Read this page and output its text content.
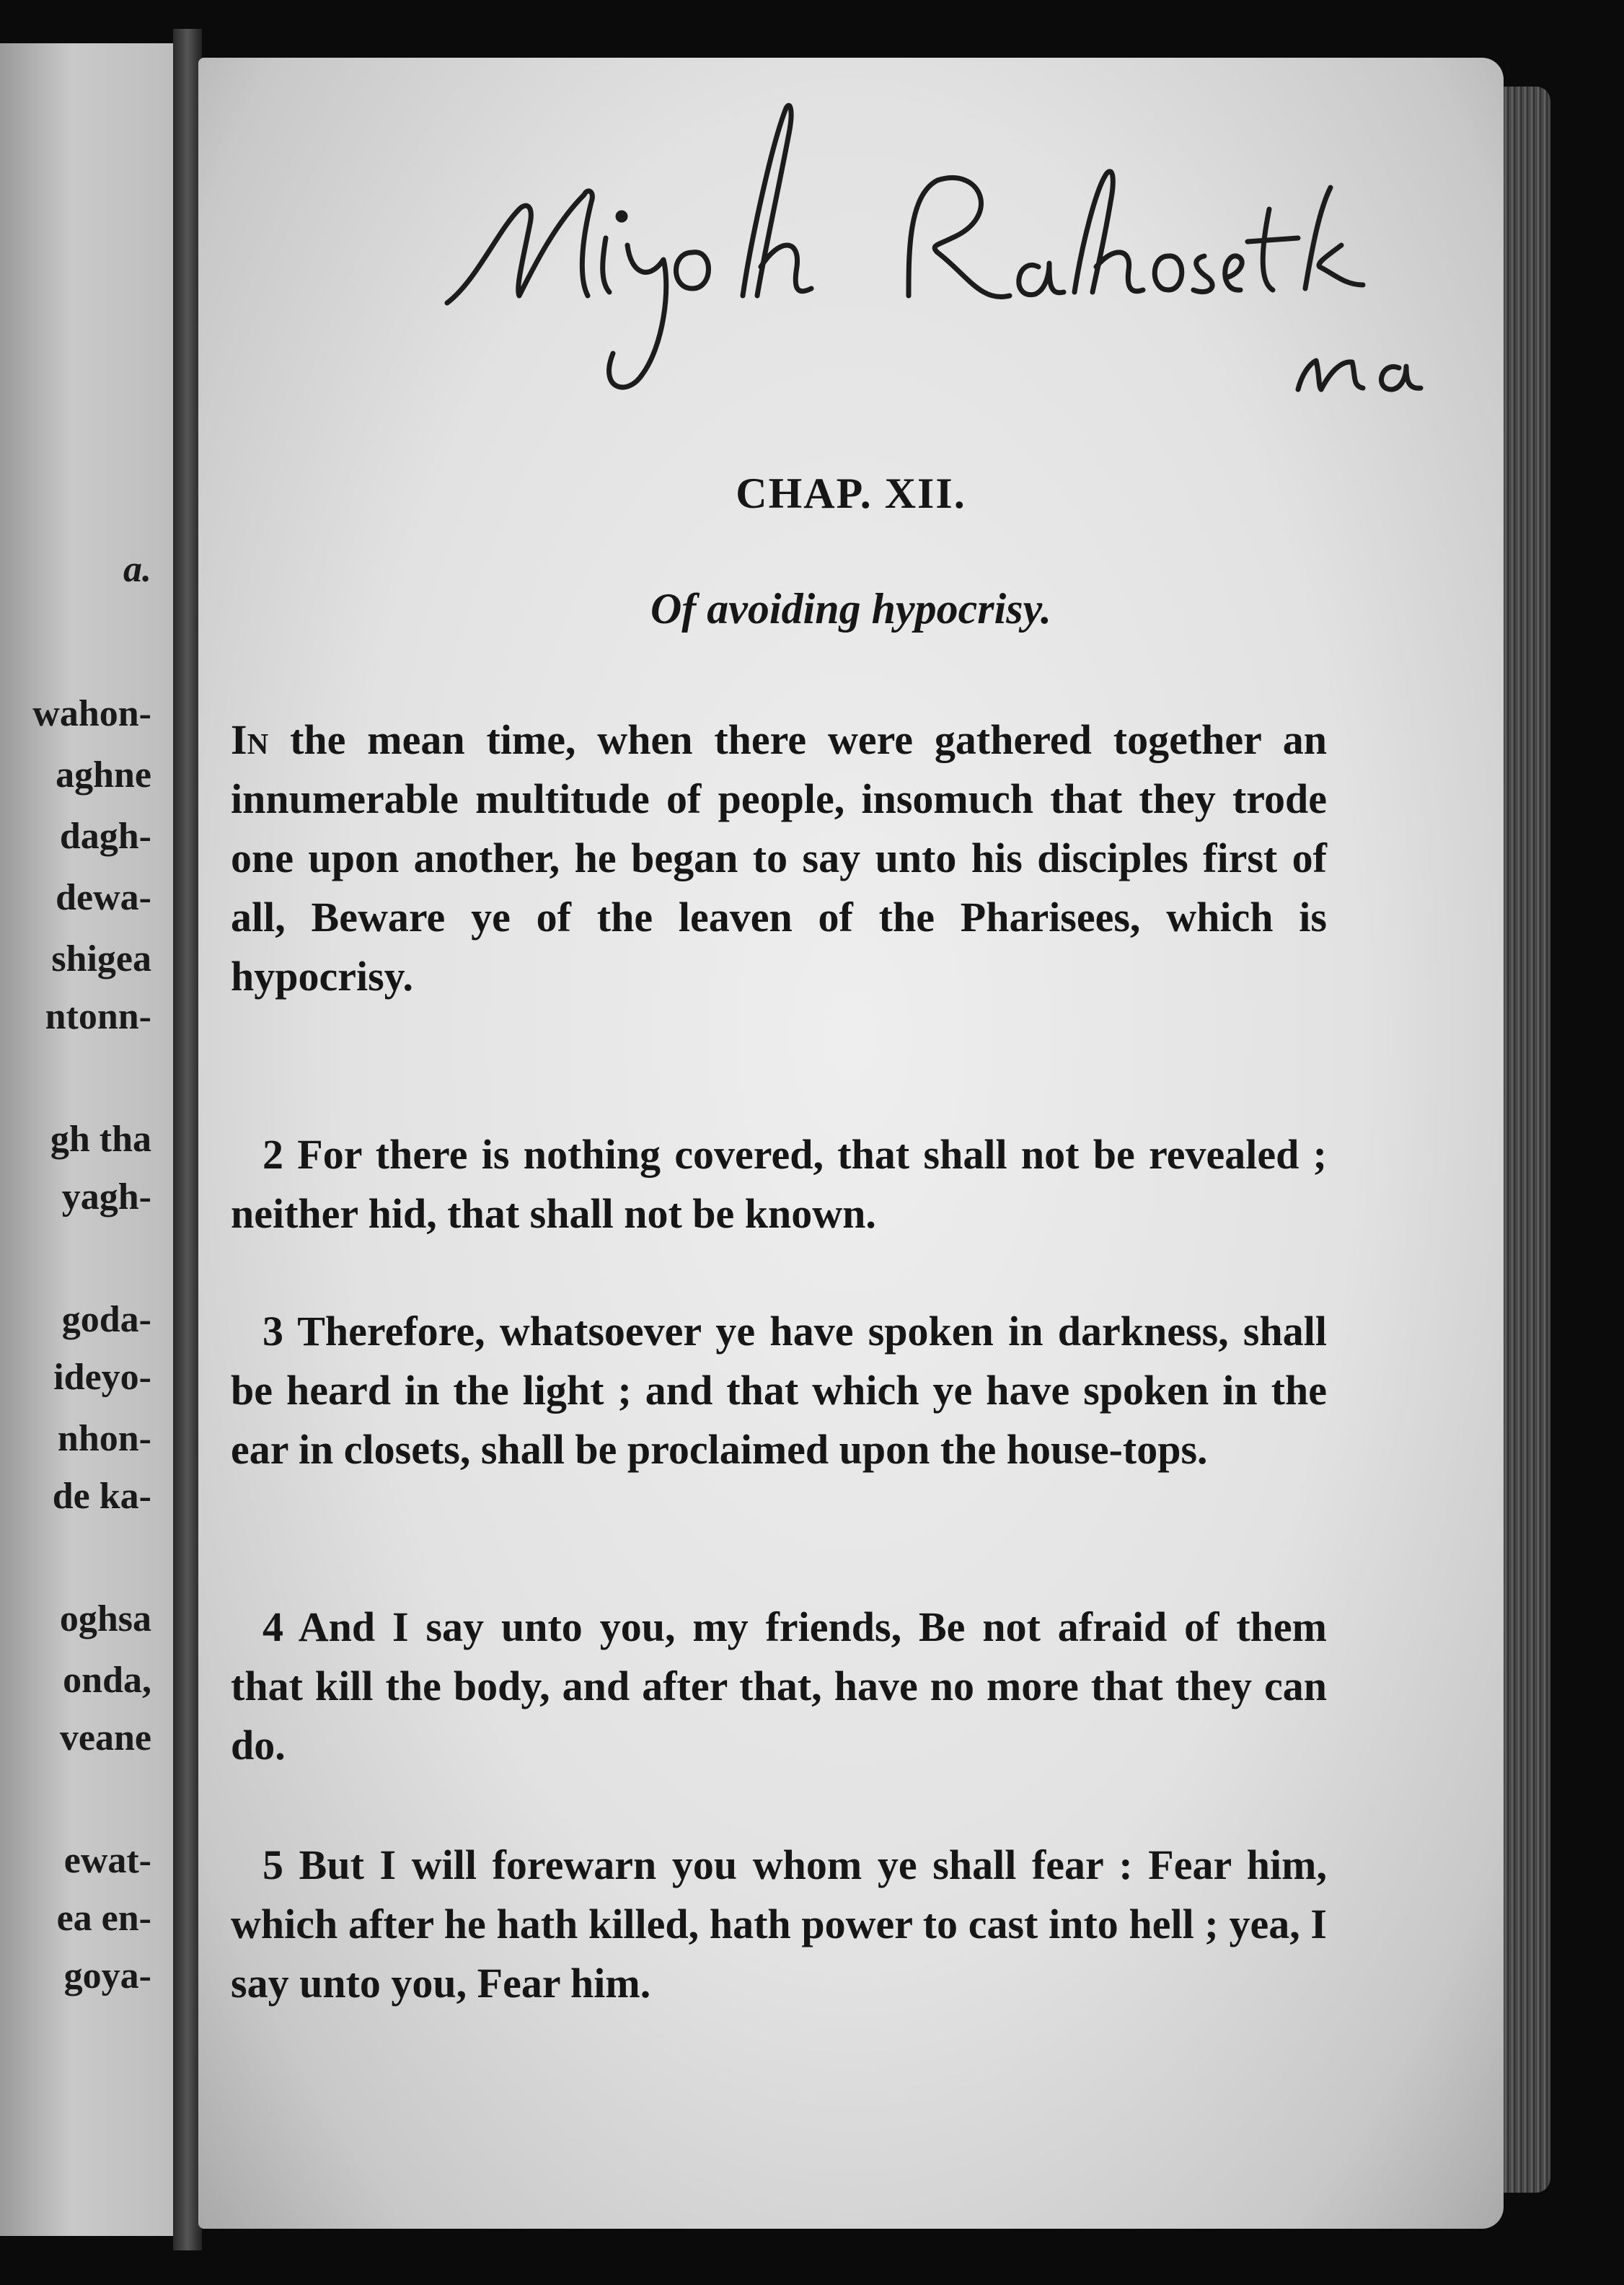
a.
wahon-
aghne
dagh-
dewa-
shigea
ntonn-
gh tha
yagh-
goda-
ideyo-
nhon-
de ka-
oghsa
onda,
veane
ewat-
ea en-
goya-
CHAP. XII.
Of avoiding hypocrisy.
In the mean time, when there were gathered together an innumerable multitude of people, insomuch that they trode one upon another, he began to say unto his disciples first of all, Beware ye of the leaven of the Pharisees, which is hypocrisy.
2 For there is nothing covered, that shall not be revealed ; neither hid, that shall not be known.
3 Therefore, whatsoever ye have spoken in darkness, shall be heard in the light ; and that which ye have spoken in the ear in closets, shall be proclaimed upon the house-tops.
4 And I say unto you, my friends, Be not afraid of them that kill the body, and after that, have no more that they can do.
5 But I will forewarn you whom ye shall fear : Fear him, which after he hath killed, hath power to cast into hell ; yea, I say unto you, Fear him.
